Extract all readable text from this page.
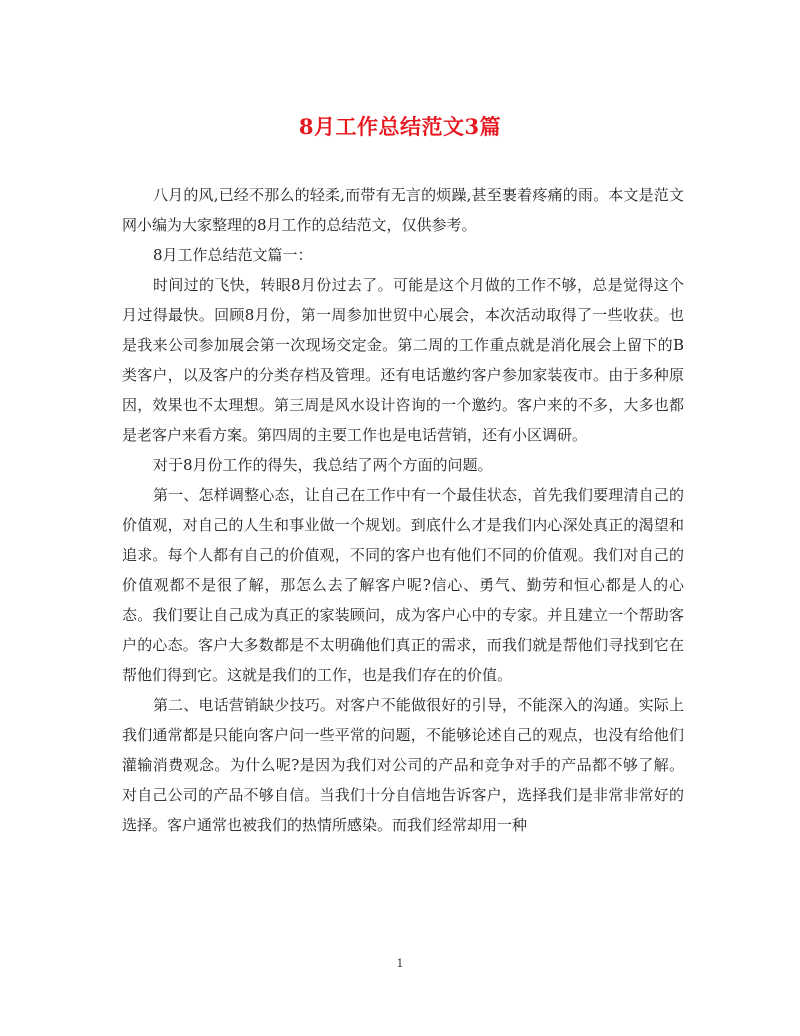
8月工作总结范文3篇

八月的风,已经不那么的轻柔,而带有无言的烦躁,甚至裹着疼痛的雨。本文是范文网小编为大家整理的8月工作的总结范文，仅供参考。

8月工作总结范文篇一：

时间过的飞快，转眼8月份过去了。可能是这个月做的工作不够，总是觉得这个月过得最快。回顾8月份，第一周参加世贸中心展会，本次活动取得了一些收获。也是我来公司参加展会第一次现场交定金。第二周的工作重点就是消化展会上留下的B类客户，以及客户的分类存档及管理。还有电话邀约客户参加家装夜市。由于多种原因，效果也不太理想。第三周是风水设计咨询的一个邀约。客户来的不多，大多也都是老客户来看方案。第四周的主要工作也是电话营销，还有小区调研。

对于8月份工作的得失，我总结了两个方面的问题。

第一、怎样调整心态，让自己在工作中有一个最佳状态，首先我们要理清自己的价值观，对自己的人生和事业做一个规划。到底什么才是我们内心深处真正的渴望和追求。每个人都有自己的价值观，不同的客户也有他们不同的价值观。我们对自己的价值观都不是很了解，那怎么去了解客户呢?信心、勇气、勤劳和恒心都是人的心态。我们要让自己成为真正的家装顾问，成为客户心中的专家。并且建立一个帮助客户的心态。客户大多数都是不太明确他们真正的需求，而我们就是帮他们寻找到它在帮他们得到它。这就是我们的工作，也是我们存在的价值。

第二、电话营销缺少技巧。对客户不能做很好的引导，不能深入的沟通。实际上我们通常都是只能向客户问一些平常的问题，不能够论述自己的观点，也没有给他们灌输消费观念。为什么呢?是因为我们对公司的产品和竞争对手的产品都不够了解。对自己公司的产品不够自信。当我们十分自信地告诉客户，选择我们是非常非常好的选择。客户通常也被我们的热情所感染。而我们经常却用一种

1
